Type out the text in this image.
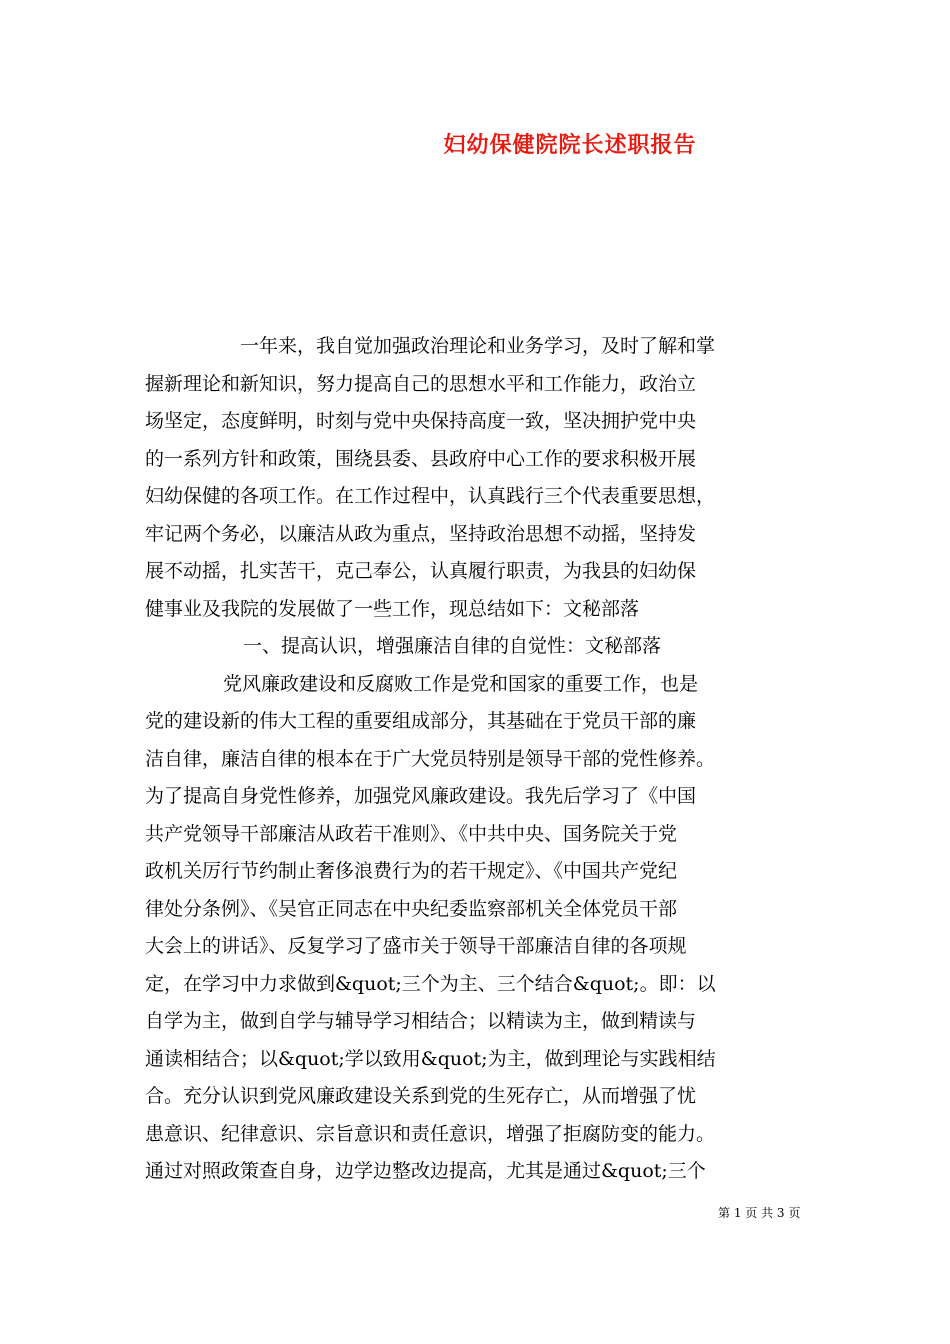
妇幼保健院院长述职报告
一年来，我自觉加强政治理论和业务学习，及时了解和掌
握新理论和新知识，努力提高自己的思想水平和工作能力，政治立
场坚定，态度鲜明，时刻与党中央保持高度一致，坚决拥护党中央
的一系列方针和政策，围绕县委、县政府中心工作的要求积极开展
妇幼保健的各项工作。在工作过程中，认真践行三个代表重要思想，
牢记两个务必，以廉洁从政为重点，坚持政治思想不动摇，坚持发
展不动摇，扎实苦干，克己奉公，认真履行职责，为我县的妇幼保
健事业及我院的发展做了一些工作，现总结如下：文秘部落
一、提高认识，增强廉洁自律的自觉性：文秘部落
党风廉政建设和反腐败工作是党和国家的重要工作，也是
党的建设新的伟大工程的重要组成部分，其基础在于党员干部的廉
洁自律，廉洁自律的根本在于广大党员特别是领导干部的党性修养。
为了提高自身党性修养，加强党风廉政建设。我先后学习了《中国
共产党领导干部廉洁从政若干准则》、《中共中央、国务院关于党
政机关厉行节约制止奢侈浪费行为的若干规定》、《中国共产党纪
律处分条例》、《吴官正同志在中央纪委监察部机关全体党员干部
大会上的讲话》、反复学习了盛市关于领导干部廉洁自律的各项规
定，在学习中力求做到&quot;三个为主、三个结合&quot;。即：以
自学为主，做到自学与辅导学习相结合；以精读为主，做到精读与
通读相结合；以&quot;学以致用&quot;为主，做到理论与实践相结
合。充分认识到党风廉政建设关系到党的生死存亡，从而增强了忧
患意识、纪律意识、宗旨意识和责任意识，增强了拒腐防变的能力。
通过对照政策查自身，边学边整改边提高，尤其是通过&quot;三个
第 1 页 共 3 页
